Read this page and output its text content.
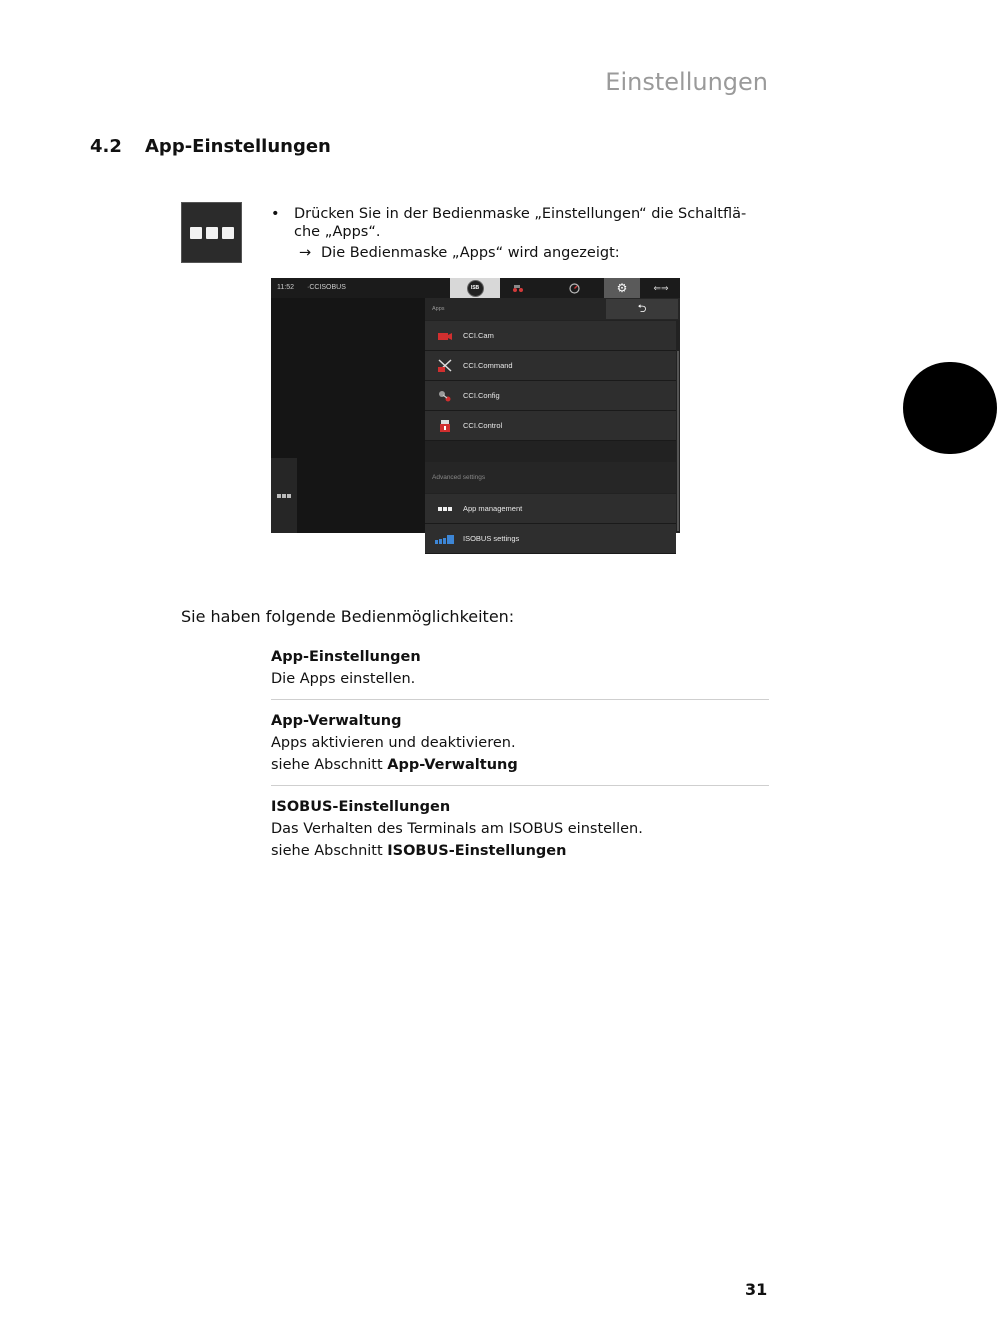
Einstellungen
4.2 App-Einstellungen
• Drücken Sie in der Bedienmaske „Einstellungen“ die Schaltflä- che „Apps“.
→ Die Bedienmaske „Apps“ wird angezeigt:
11:52 ·CCISOBUS	ISB	⚙	⇐⇒
Apps	⮌
CCI.Cam
CCI.Command
CCI.Config
CCI.Control
Advanced settings
App management
ISOBUS settings
Sie haben folgende Bedienmöglichkeiten:
App-Einstellungen
Die Apps einstellen.
App-Verwaltung
Apps aktivieren und deaktivieren.
siehe Abschnitt App-Verwaltung
ISOBUS-Einstellungen
Das Verhalten des Terminals am ISOBUS einstellen.
siehe Abschnitt ISOBUS-Einstellungen
31
